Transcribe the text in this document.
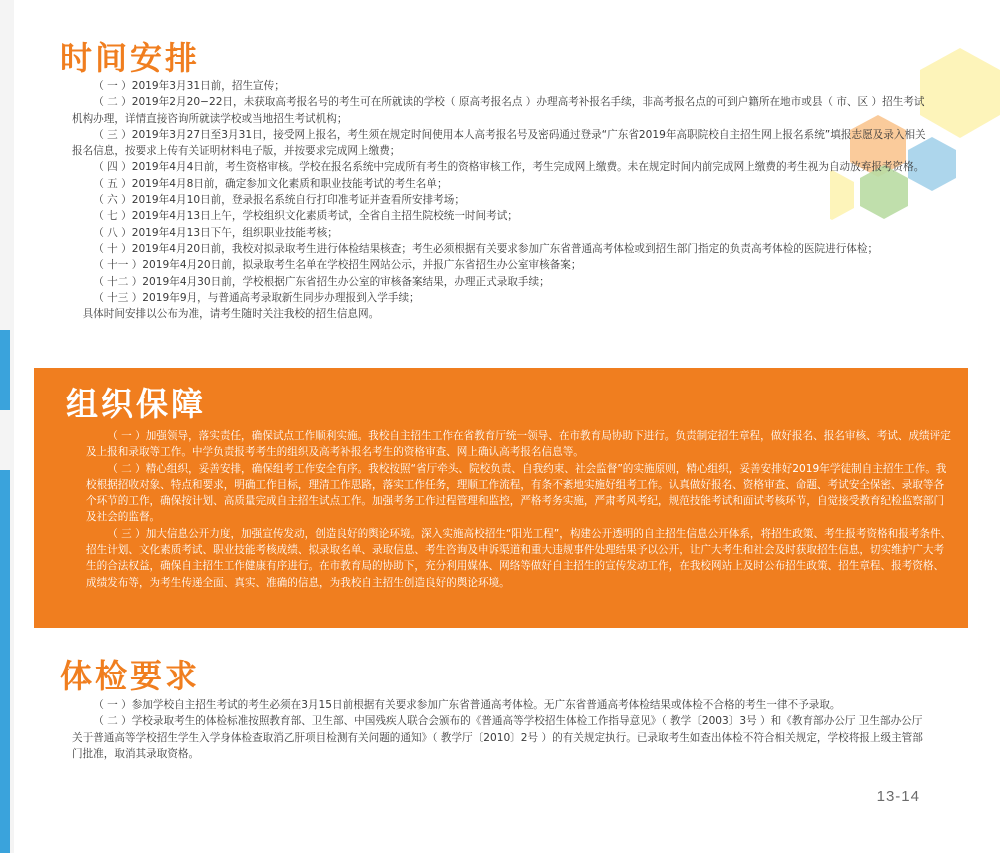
时间安排

（ 一 ）2019年3月31日前，招生宣传；

（ 二 ）2019年2月20−22日，未获取高考报名号的考生可在所就读的学校（ 原高考报名点 ）办理高考补报名手续，非高考报名点的可到户籍所在地市或县（ 市、区 ）招生考试机构办理，详情直接咨询所就读学校或当地招生考试机构；

（ 三 ）2019年3月27日至3月31日，接受网上报名，考生须在规定时间使用本人高考报名号及密码通过登录“广东省2019年高职院校自主招生网上报名系统”填报志愿及录入相关报名信息，按要求上传有关证明材料电子版，并按要求完成网上缴费；

（ 四 ）2019年4月4日前，考生资格审核。学校在报名系统中完成所有考生的资格审核工作，考生完成网上缴费。未在规定时间内前完成网上缴费的考生视为自动放弃报考资格。

（ 五 ）2019年4月8日前，确定参加文化素质和职业技能考试的考生名单；

（ 六 ）2019年4月10日前，登录报名系统自行打印准考证并查看所安排考场；

（ 七 ）2019年4月13日上午，学校组织文化素质考试，全省自主招生院校统一时间考试；

（ 八 ）2019年4月13日下午，组织职业技能考核；

（ 十 ）2019年4月20日前，我校对拟录取考生进行体检结果核查；考生必须根据有关要求参加广东省普通高考体检或到招生部门指定的负责高考体检的医院进行体检；

（ 十一 ）2019年4月20日前，拟录取考生名单在学校招生网站公示，并报广东省招生办公室审核备案；

（ 十二 ）2019年4月30日前，学校根据广东省招生办公室的审核备案结果，办理正式录取手续；

（ 十三 ）2019年9月，与普通高考录取新生同步办理报到入学手续；

具体时间安排以公布为准，请考生随时关注我校的招生信息网。

组织保障

（ 一 ）加强领导，落实责任，确保试点工作顺利实施。我校自主招生工作在省教育厅统一领导、在市教育局协助下进行。负责制定招生章程，做好报名、报名审核、考试、成绩评定及上报和录取等工作。中学负责报考考生的组织及高考补报名考生的资格审查、网上确认高考报名信息等。

（ 二 ）精心组织，妥善安排，确保组考工作安全有序。我校按照“省厅牵头、院校负责、自我约束、社会监督”的实施原则，精心组织，妥善安排好2019年学徒制自主招生工作。我校根据招收对象、特点和要求，明确工作目标，理清工作思路，落实工作任务，理顺工作流程，有条不紊地实施好组考工作。认真做好报名、资格审查、命题、考试安全保密、录取等各个环节的工作，确保按计划、高质量完成自主招生试点工作。加强考务工作过程管理和监控，严格考务实施，严肃考风考纪，规范技能考试和面试考核环节，自觉接受教育纪检监察部门及社会的监督。

（ 三 ）加大信息公开力度，加强宣传发动，创造良好的舆论环境。深入实施高校招生“阳光工程”，构建公开透明的自主招生信息公开体系，将招生政策、考生报考资格和报考条件、招生计划、文化素质考试、职业技能考核成绩、拟录取名单、录取信息、考生咨询及申诉渠道和重大违规事件处理结果予以公开，让广大考生和社会及时获取招生信息，切实维护广大考生的合法权益，确保自主招生工作健康有序进行。在市教育局的协助下，充分利用媒体、网络等做好自主招生的宣传发动工作，在我校网站上及时公布招生政策、招生章程、报考资格、成绩发布等，为考生传递全面、真实、准确的信息，为我校自主招生创造良好的舆论环境。

体检要求

（ 一 ）参加学校自主招生考试的考生必须在3月15日前根据有关要求参加广东省普通高考体检。无广东省普通高考体检结果或体检不合格的考生一律不予录取。

（ 二 ）学校录取考生的体检标准按照教育部、卫生部、中国残疾人联合会颁布的《普通高等学校招生体检工作指导意见》（ 教学〔2003〕3号 ）和《教育部办公厅 卫生部办公厅关于普通高等学校招生学生入学身体检查取消乙肝项目检测有关问题的通知》（ 教学厅〔2010〕2号 ）的有关规定执行。已录取考生如查出体检不符合相关规定，学校将报上级主管部门批准，取消其录取资格。

13-14
